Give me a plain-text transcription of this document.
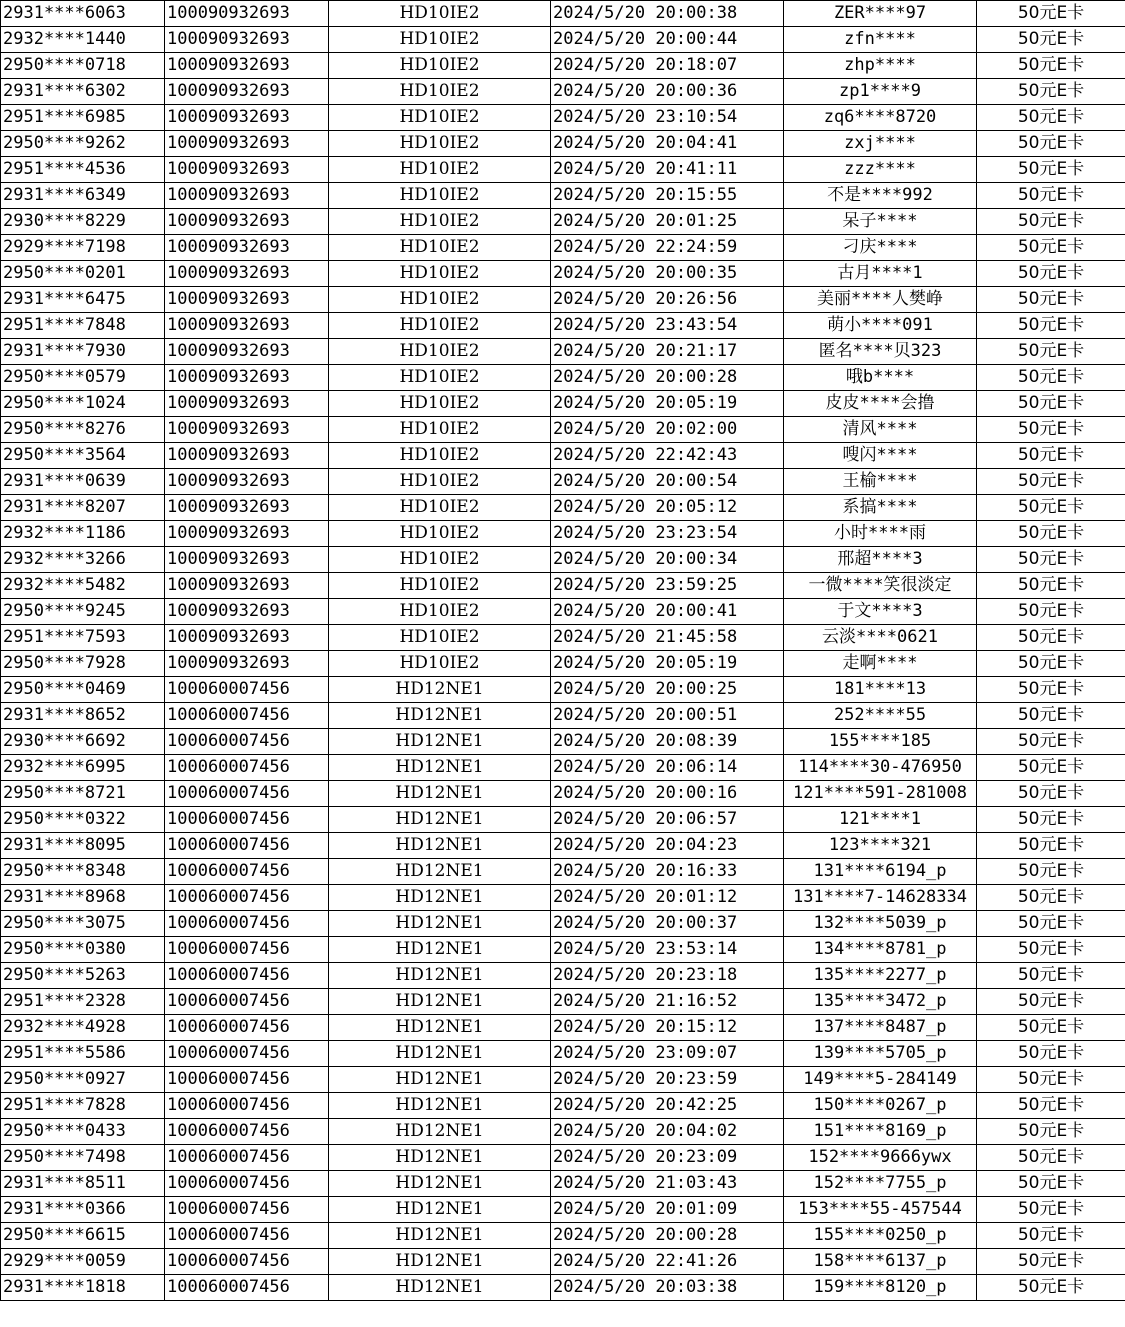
2931****6063	100090932693	HD10IE2	2024/5/20 20:00:38	ZER****97	50元E卡
2932****1440	100090932693	HD10IE2	2024/5/20 20:00:44	zfn****	50元E卡
2950****0718	100090932693	HD10IE2	2024/5/20 20:18:07	zhp****	50元E卡
2931****6302	100090932693	HD10IE2	2024/5/20 20:00:36	zp1****9	50元E卡
2951****6985	100090932693	HD10IE2	2024/5/20 23:10:54	zq6****8720	50元E卡
2950****9262	100090932693	HD10IE2	2024/5/20 20:04:41	zxj****	50元E卡
2951****4536	100090932693	HD10IE2	2024/5/20 20:41:11	zzz****	50元E卡
2931****6349	100090932693	HD10IE2	2024/5/20 20:15:55	不是****992	50元E卡
2930****8229	100090932693	HD10IE2	2024/5/20 20:01:25	呆子****	50元E卡
2929****7198	100090932693	HD10IE2	2024/5/20 22:24:59	刁庆****	50元E卡
2950****0201	100090932693	HD10IE2	2024/5/20 20:00:35	古月****1	50元E卡
2931****6475	100090932693	HD10IE2	2024/5/20 20:26:56	美丽****人樊峥	50元E卡
2951****7848	100090932693	HD10IE2	2024/5/20 23:43:54	萌小****091	50元E卡
2931****7930	100090932693	HD10IE2	2024/5/20 20:21:17	匿名****贝323	50元E卡
2950****0579	100090932693	HD10IE2	2024/5/20 20:00:28	哦b****	50元E卡
2950****1024	100090932693	HD10IE2	2024/5/20 20:05:19	皮皮****会撸	50元E卡
2950****8276	100090932693	HD10IE2	2024/5/20 20:02:00	清风****	50元E卡
2950****3564	100090932693	HD10IE2	2024/5/20 22:42:43	嗖闪****	50元E卡
2931****0639	100090932693	HD10IE2	2024/5/20 20:00:54	王榆****	50元E卡
2931****8207	100090932693	HD10IE2	2024/5/20 20:05:12	系搞****	50元E卡
2932****1186	100090932693	HD10IE2	2024/5/20 23:23:54	小时****雨	50元E卡
2932****3266	100090932693	HD10IE2	2024/5/20 20:00:34	邢超****3	50元E卡
2932****5482	100090932693	HD10IE2	2024/5/20 23:59:25	一微****笑很淡定	50元E卡
2950****9245	100090932693	HD10IE2	2024/5/20 20:00:41	于文****3	50元E卡
2951****7593	100090932693	HD10IE2	2024/5/20 21:45:58	云淡****0621	50元E卡
2950****7928	100090932693	HD10IE2	2024/5/20 20:05:19	走啊****	50元E卡
2950****0469	100060007456	HD12NE1	2024/5/20 20:00:25	181****13	50元E卡
2931****8652	100060007456	HD12NE1	2024/5/20 20:00:51	252****55	50元E卡
2930****6692	100060007456	HD12NE1	2024/5/20 20:08:39	155****185	50元E卡
2932****6995	100060007456	HD12NE1	2024/5/20 20:06:14	114****30-476950	50元E卡
2950****8721	100060007456	HD12NE1	2024/5/20 20:00:16	121****591-281008	50元E卡
2950****0322	100060007456	HD12NE1	2024/5/20 20:06:57	121****1	50元E卡
2931****8095	100060007456	HD12NE1	2024/5/20 20:04:23	123****321	50元E卡
2950****8348	100060007456	HD12NE1	2024/5/20 20:16:33	131****6194_p	50元E卡
2931****8968	100060007456	HD12NE1	2024/5/20 20:01:12	131****7-14628334	50元E卡
2950****3075	100060007456	HD12NE1	2024/5/20 20:00:37	132****5039_p	50元E卡
2950****0380	100060007456	HD12NE1	2024/5/20 23:53:14	134****8781_p	50元E卡
2950****5263	100060007456	HD12NE1	2024/5/20 20:23:18	135****2277_p	50元E卡
2951****2328	100060007456	HD12NE1	2024/5/20 21:16:52	135****3472_p	50元E卡
2932****4928	100060007456	HD12NE1	2024/5/20 20:15:12	137****8487_p	50元E卡
2951****5586	100060007456	HD12NE1	2024/5/20 23:09:07	139****5705_p	50元E卡
2950****0927	100060007456	HD12NE1	2024/5/20 20:23:59	149****5-284149	50元E卡
2951****7828	100060007456	HD12NE1	2024/5/20 20:42:25	150****0267_p	50元E卡
2950****0433	100060007456	HD12NE1	2024/5/20 20:04:02	151****8169_p	50元E卡
2950****7498	100060007456	HD12NE1	2024/5/20 20:23:09	152****9666ywx	50元E卡
2931****8511	100060007456	HD12NE1	2024/5/20 21:03:43	152****7755_p	50元E卡
2931****0366	100060007456	HD12NE1	2024/5/20 20:01:09	153****55-457544	50元E卡
2950****6615	100060007456	HD12NE1	2024/5/20 20:00:28	155****0250_p	50元E卡
2929****0059	100060007456	HD12NE1	2024/5/20 22:41:26	158****6137_p	50元E卡
2931****1818	100060007456	HD12NE1	2024/5/20 20:03:38	159****8120_p	50元E卡
